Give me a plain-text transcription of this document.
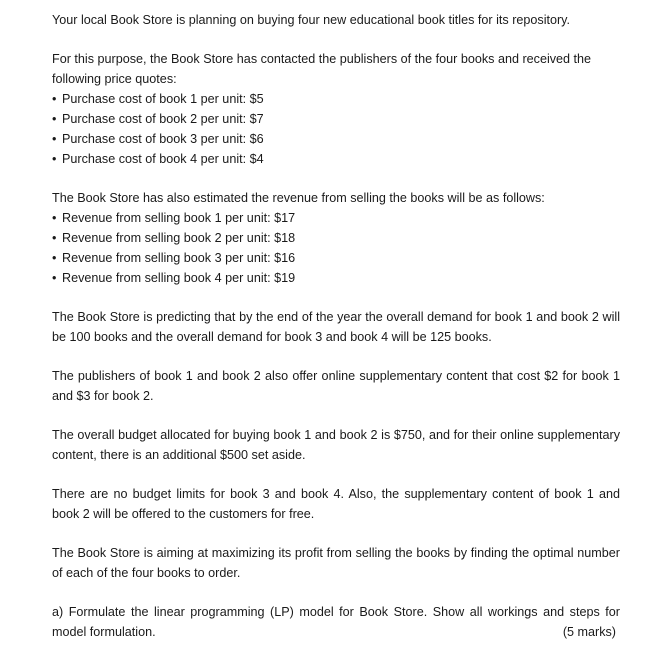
Your local Book Store is planning on buying four new educational book titles for its repository.

For this purpose, the Book Store has contacted the publishers of the four books and received the following price quotes:

• Purchase cost of book 1 per unit: $5
• Purchase cost of book 2 per unit: $7
• Purchase cost of book 3 per unit: $6
• Purchase cost of book 4 per unit: $4

The Book Store has also estimated the revenue from selling the books will be as follows:

• Revenue from selling book 1 per unit: $17
• Revenue from selling book 2 per unit: $18
• Revenue from selling book 3 per unit: $16
• Revenue from selling book 4 per unit: $19

The Book Store is predicting that by the end of the year the overall demand for book 1 and book 2 will be 100 books and the overall demand for book 3 and book 4 will be 125 books.

The publishers of book 1 and book 2 also offer online supplementary content that cost $2 for book 1 and $3 for book 2.

The overall budget allocated for buying book 1 and book 2 is $750, and for their online supplementary content, there is an additional $500 set aside.

There are no budget limits for book 3 and book 4. Also, the supplementary content of book 1 and book 2 will be offered to the customers for free.

The Book Store is aiming at maximizing its profit from selling the books by finding the optimal number of each of the four books to order.

a) Formulate the linear programming (LP) model for Book Store. Show all workings and steps for model formulation.	(5 marks)
